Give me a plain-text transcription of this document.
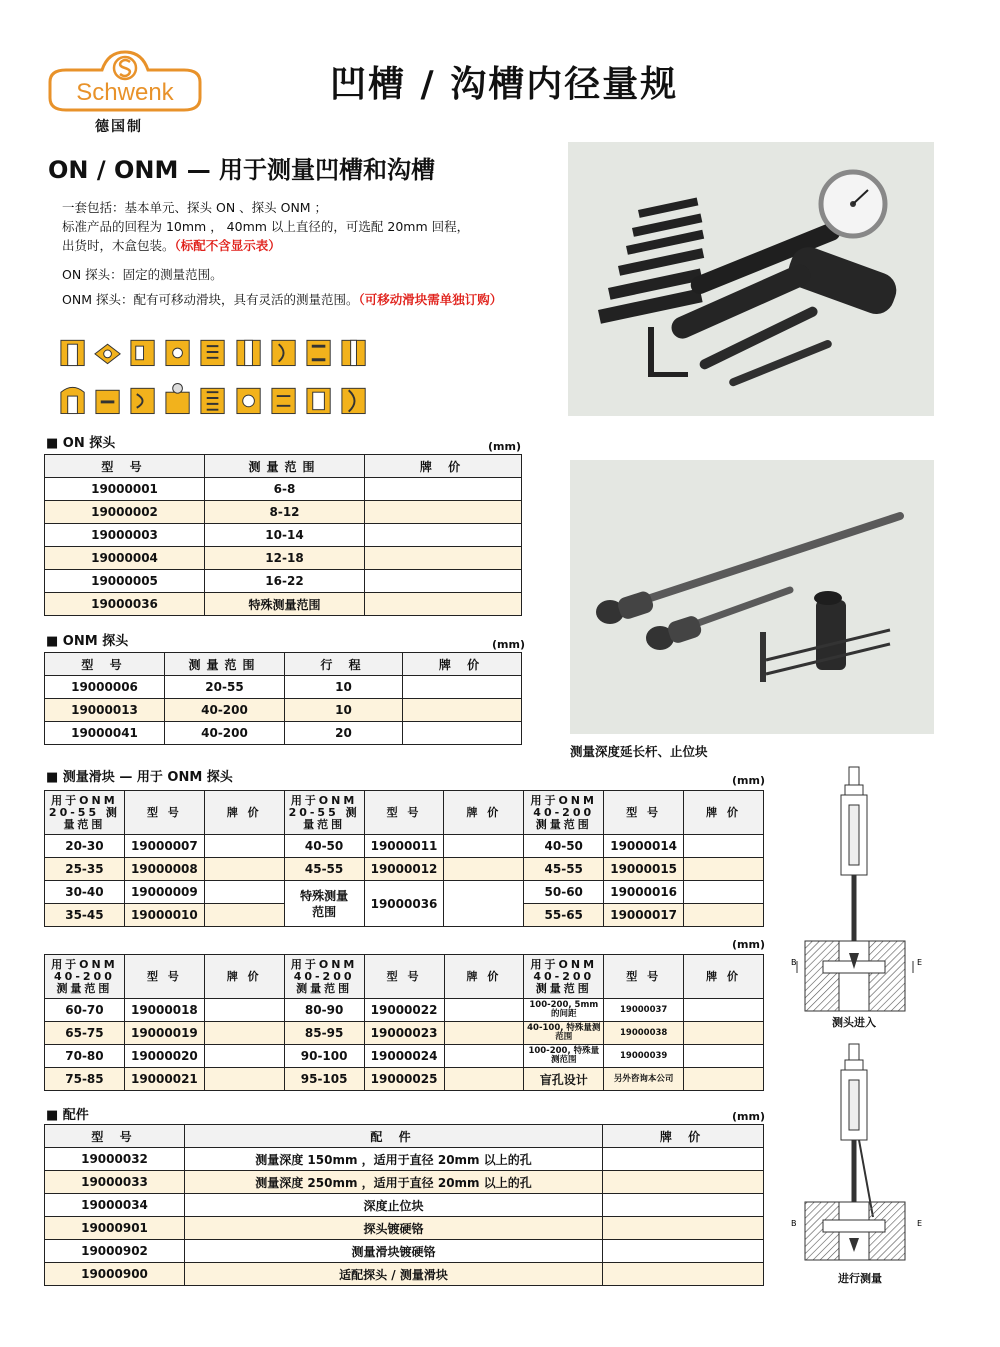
Schwenk
德国制
凹槽 / 沟槽内径量规
ON / ONM — 用于测量凹槽和沟槽

一套包括：基本单元、探头 ON 、探头 ONM ；

标准产品的回程为 10mm ， 40mm 以上直径的，可选配 20mm 回程，

出货时，木盒包装。（标配不含显示表）

ON 探头：固定的测量范围。

ONM 探头：配有可移动滑块，具有灵活的测量范围。（可移动滑块需单独订购）

测量深度延长杆、止位块
■ ON 探头	(mm)
型 号	测量范围	牌 价
19000001	6-8	
19000002	8-12	
19000003	10-14	
19000004	12-18	
19000005	16-22	
19000036	特殊测量范围	
■ ONM 探头	(mm)
型 号	测量范围	行 程	牌 价
19000006	20-55	10	
19000013	40-200	10	
19000041	40-200	20	
■ 测量滑块 — 用于 ONM 探头	(mm)
用于ONM 20-55 测量范围	型 号	牌 价	用于ONM 20-55 测量范围	型 号	牌 价	用于ONM 40-200 测量范围	型 号	牌 价
20-30	19000007		40-50	19000011		40-50	19000014	
25-35	19000008		45-55	19000012		45-55	19000015	
30-40	19000009		特殊测量范围	19000036		50-60	19000016	
35-45	19000010					55-65	19000017	
(mm)
用于ONM 40-200 测量范围	型 号	牌 价	用于ONM 40-200 测量范围	型 号	牌 价	用于ONM 40-200 测量范围	型 号	牌 价
60-70	19000018		80-90	19000022		100-200, 5mm 的间距	19000037	
65-75	19000019		85-95	19000023		40-100, 特殊量测范围	19000038	
70-80	19000020		90-100	19000024		100-200, 特殊量测范围	19000039	
75-85	19000021		95-105	19000025		盲孔设计	另外咨询本公司	
■ 配件	(mm)
型 号	配 件	牌 价
19000032	测量深度 150mm ，适用于直径 20mm 以上的孔	
19000033	测量深度 250mm ，适用于直径 20mm 以上的孔	
19000034	深度止位块	
19000901	探头镀硬铬	
19000902	测量滑块镀硬铬	
19000900	适配探头 / 测量滑块	
B	E
测头进入
B	E
进行测量
